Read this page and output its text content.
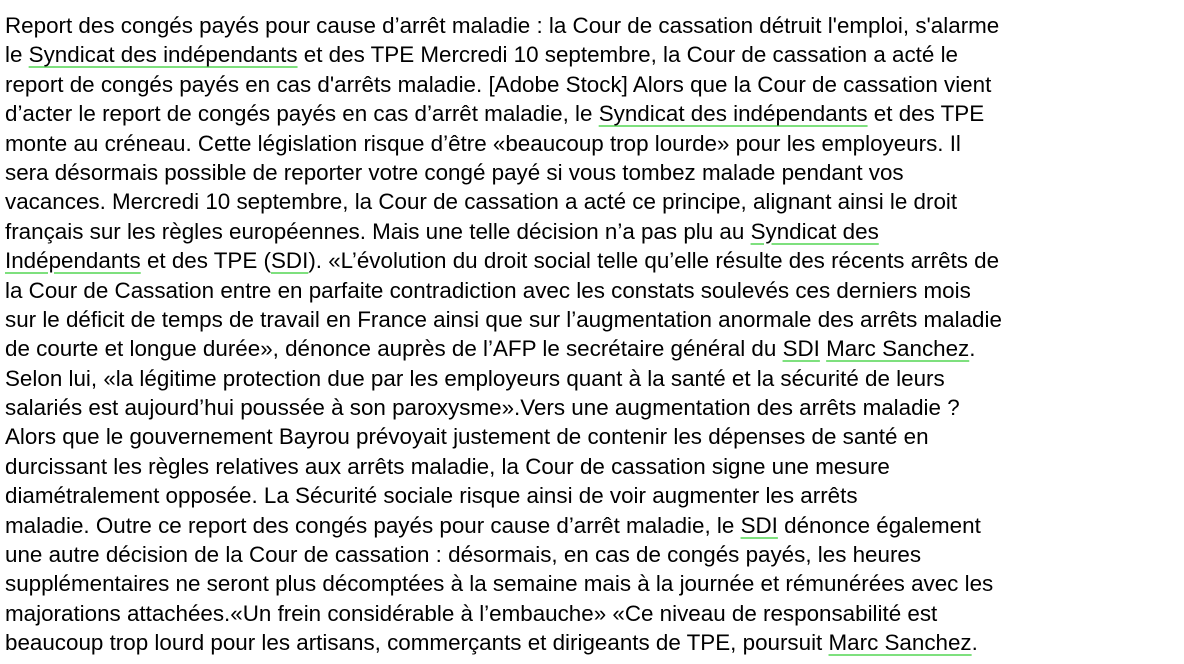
Report des congés payés pour cause d’arrêt maladie : la Cour de cassation détruit l'emploi, s'alarme
le Syndicat des indépendants et des TPE Mercredi 10 septembre, la Cour de cassation a acté le
report de congés payés en cas d'arrêts maladie. [Adobe Stock] Alors que la Cour de cassation vient
d’acter le report de congés payés en cas d’arrêt maladie, le Syndicat des indépendants et des TPE
monte au créneau. Cette législation risque d’être «beaucoup trop lourde» pour les employeurs. Il
sera désormais possible de reporter votre congé payé si vous tombez malade pendant vos
vacances. Mercredi 10 septembre, la Cour de cassation a acté ce principe, alignant ainsi le droit
français sur les règles européennes. Mais une telle décision n’a pas plu au Syndicat des
Indépendants et des TPE (SDI). «L’évolution du droit social telle qu’elle résulte des récents arrêts de
la Cour de Cassation entre en parfaite contradiction avec les constats soulevés ces derniers mois
sur le déficit de temps de travail en France ainsi que sur l’augmentation anormale des arrêts maladie
de courte et longue durée», dénonce auprès de l’AFP le secrétaire général du SDI Marc Sanchez.
Selon lui, «la légitime protection due par les employeurs quant à la santé et la sécurité de leurs
salariés est aujourd’hui poussée à son paroxysme».Vers une augmentation des arrêts maladie ?
Alors que le gouvernement Bayrou prévoyait justement de contenir les dépenses de santé en
durcissant les règles relatives aux arrêts maladie, la Cour de cassation signe une mesure
diamétralement opposée. La Sécurité sociale risque ainsi de voir augmenter les arrêts
maladie. Outre ce report des congés payés pour cause d’arrêt maladie, le SDI dénonce également
une autre décision de la Cour de cassation : désormais, en cas de congés payés, les heures
supplémentaires ne seront plus décomptées à la semaine mais à la journée et rémunérées avec les
majorations attachées.«Un frein considérable à l’embauche» «Ce niveau de responsabilité est
beaucoup trop lourd pour les artisans, commerçants et dirigeants de TPE, poursuit Marc Sanchez.
